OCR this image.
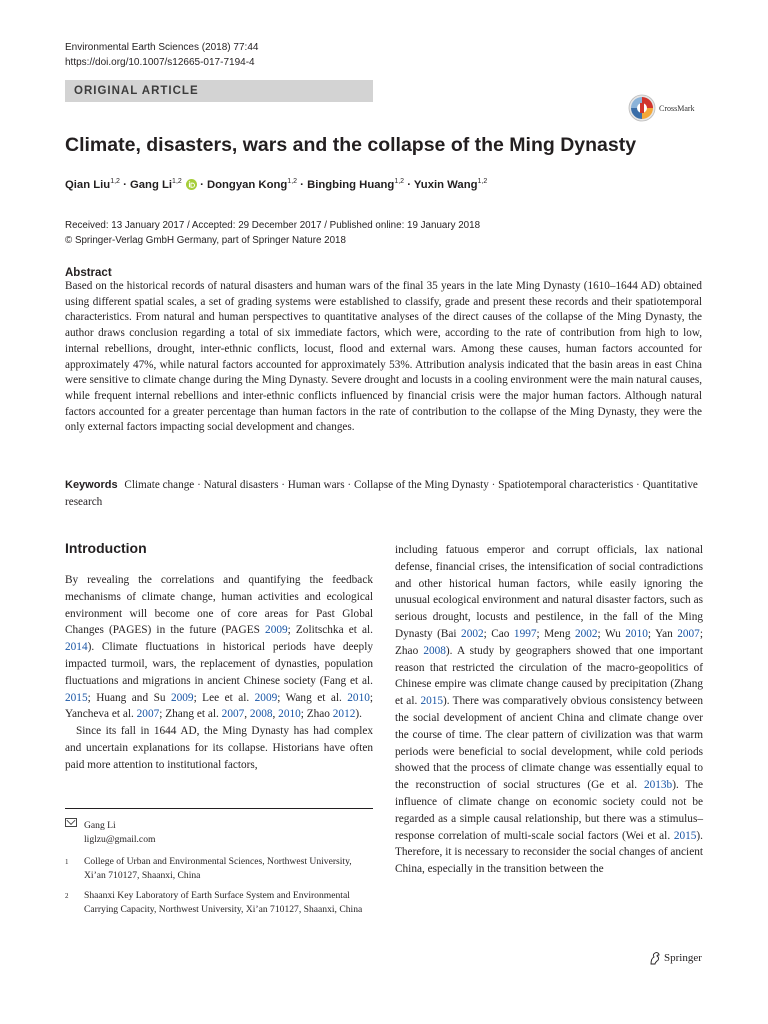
Environmental Earth Sciences (2018) 77:44
https://doi.org/10.1007/s12665-017-7194-4
ORIGINAL ARTICLE
CrossMark
Climate, disasters, wars and the collapse of the Ming Dynasty
Qian Liu$^{1,2}$ · Gang Li$^{1,2}$  · Dongyan Kong$^{1,2}$ · Bingbing Huang$^{1,2}$ · Yuxin Wang$^{1,2}$
Received: 13 January 2017 / Accepted: 29 December 2017 / Published online: 19 January 2018
© Springer-Verlag GmbH Germany, part of Springer Nature 2018
Abstract
Based on the historical records of natural disasters and human wars of the final 35 years in the late Ming Dynasty (1610–1644 AD) obtained using different spatial scales, a set of grading systems were established to classify, grade and present these records and their spatiotemporal characteristics. From natural and human perspectives to quantitative analyses of the direct causes of the collapse of the Ming Dynasty, the author draws conclusion regarding a total of six immediate factors, which were, according to the rate of contribution from high to low, internal rebellions, drought, inter-ethnic conflicts, locust, flood and external wars. Among these causes, human factors accounted for approximately 47%, while natural factors accounted for approximately 53%. Attribution analysis indicated that the basin areas in east China were sensitive to climate change during the Ming Dynasty. Severe drought and locusts in a cooling environment were the main natural causes, while frequent internal rebellions and inter-ethnic conflicts influenced by financial crisis were the major human factors. Although natural factors accounted for a greater percentage than human factors in the rate of contribution to the collapse of the Ming Dynasty, they were the only external factors impacting social development and changes.
Keywords Climate change · Natural disasters · Human wars · Collapse of the Ming Dynasty · Spatiotemporal characteristics · Quantitative research
Introduction

By revealing the correlations and quantifying the feedback mechanisms of climate change, human activities and ecological environment will become one of core areas for Past Global Changes (PAGES) in the future (PAGES 2009; Zolitschka et al. 2014). Climate fluctuations in historical periods have deeply impacted turmoil, wars, the replacement of dynasties, population fluctuations and migrations in ancient Chinese society (Fang et al. 2015; Huang and Su 2009; Lee et al. 2009; Wang et al. 2010; Yancheva et al. 2007; Zhang et al. 2007, 2008, 2010; Zhao 2012).

Since its fall in 1644 AD, the Ming Dynasty has had complex and uncertain explanations for its collapse. Historians have often paid more attention to institutional factors,

including fatuous emperor and corrupt officials, lax national defense, financial crises, the intensification of social contradictions and other historical human factors, while easily ignoring the unusual ecological environment and natural disaster factors, such as serious drought, locusts and pestilence, in the fall of the Ming Dynasty (Bai 2002; Cao 1997; Meng 2002; Wu 2010; Yan 2007; Zhao 2008). A study by geographers showed that one important reason that restricted the circulation of the macro-geopolitics of Chinese empire was climate change caused by precipitation (Zhang et al. 2015). There was comparatively obvious consistency between the social development of ancient China and climate change over the course of time. The clear pattern of civilization was that warm periods were beneficial to social development, while cold periods showed that the process of climate change was essentially equal to the reconstruction of social structures (Ge et al. 2013b). The influence of climate change on economic society could not be regarded as a simple causal relationship, but there was a stimulus–response correlation of multi-scale social factors (Wei et al. 2015). Therefore, it is necessary to reconsider the social changes of ancient China, especially in the transition between the

Gang Li
liglzu@gmail.com
1	College of Urban and Environmental Sciences, Northwest University, Xi’an 710127, Shaanxi, China
2	Shaanxi Key Laboratory of Earth Surface System and Environmental Carrying Capacity, Northwest University, Xi’an 710127, Shaanxi, China
Springer
